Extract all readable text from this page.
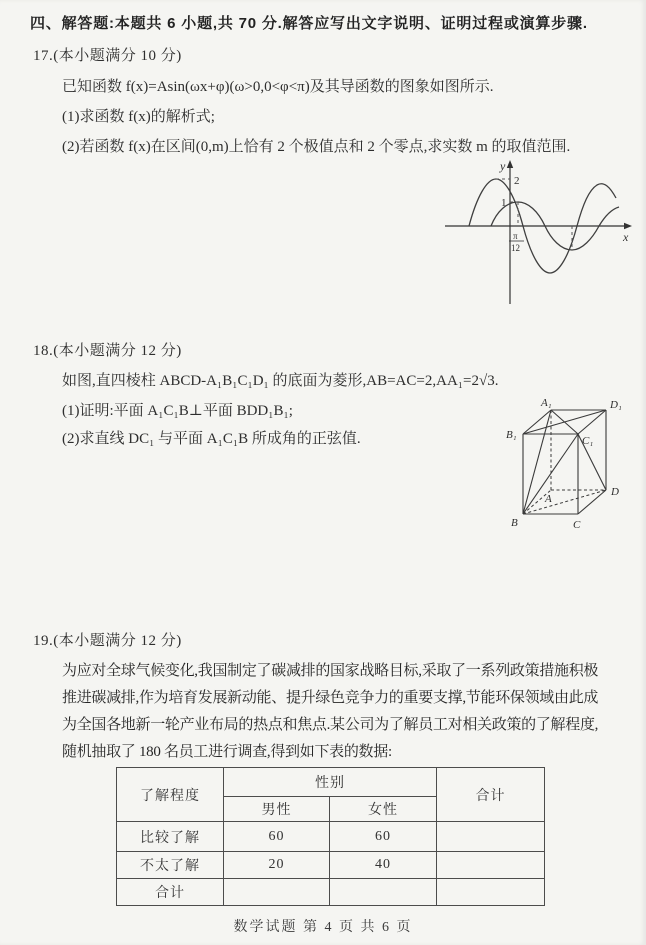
四、解答题:本题共 6 小题,共 70 分.解答应写出文字说明、证明过程或演算步骤.
17.(本小题满分 10 分)
已知函数 f(x)=Asin(ωx+φ)(ω>0,0<φ<π)及其导函数的图象如图所示.
(1)求函数 f(x)的解析式;
(2)若函数 f(x)在区间(0,m)上恰有 2 个极值点和 2 个零点,求实数 m 的取值范围.
y
x
2
1
π
12
18.(本小题满分 12 分)
如图,直四棱柱 ABCD-A₁B₁C₁D₁ 的底面为菱形,AB=AC=2,AA₁=2√3.
(1)证明:平面 A₁C₁B⊥平面 BDD₁B₁;
(2)求直线 DC₁ 与平面 A₁C₁B 所成角的正弦值.
A₁	D₁
B₁	C₁
A
B	C
D
19.(本小题满分 12 分)
为应对全球气候变化,我国制定了碳减排的国家战略目标,采取了一系列政策措施积极
推进碳减排,作为培育发展新动能、提升绿色竞争力的重要支撑,节能环保领域由此成
为全国各地新一轮产业布局的热点和焦点.某公司为了解员工对相关政策的了解程度,
随机抽取了 180 名员工进行调查,得到如下表的数据:
了解程度	性别		合计
	男性	女性	
比较了解	60	60	
不太了解	20	40	
合计			
数学试题 第 4 页 共 6 页
